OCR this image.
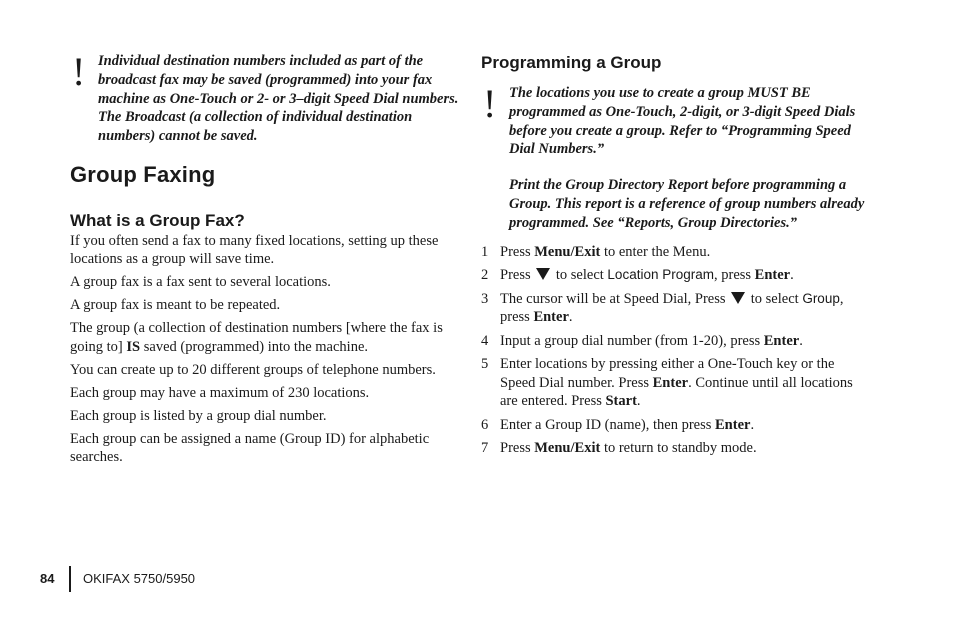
! Individual destination numbers included as part of the broadcast fax may be saved (programmed) into your fax machine as One-Touch or 2- or 3–digit Speed Dial numbers. The Broadcast (a collection of individual destination numbers) cannot be saved.

Group Faxing
What is a Group Fax?

If you often send a fax to many fixed locations, setting up these locations as a group will save time.

A group fax is a fax sent to several locations.

A group fax is meant to be repeated.

The group (a collection of destination numbers [where the fax is going to] IS saved (programmed) into the machine.

You can create up to 20 different groups of telephone numbers.

Each group may have a maximum of 230 locations.

Each group is listed by a group dial number.

Each group can be assigned a name (Group ID) for alphabetic searches.

Programming a Group
! The locations you use to create a group MUST BE programmed as One-Touch, 2-digit, or 3-digit Speed Dials before you create a group. Refer to “Programming Speed Dial Numbers.”

Print the Group Directory Report before programming a Group. This report is a reference of group numbers already programmed. See “Reports, Group Directories.”

1 Press Menu/Exit to enter the Menu.
2 Press  to select Location Program, press Enter.
3 The cursor will be at Speed Dial, Press  to select Group, press Enter.
4 Input a group dial number (from 1-20), press Enter.
5 Enter locations by pressing either a One-Touch key or the Speed Dial number. Press Enter. Continue until all locations are entered. Press Start.
6 Enter a Group ID (name), then press Enter.
7 Press Menu/Exit to return to standby mode.
84 OKIFAX 5750/5950
